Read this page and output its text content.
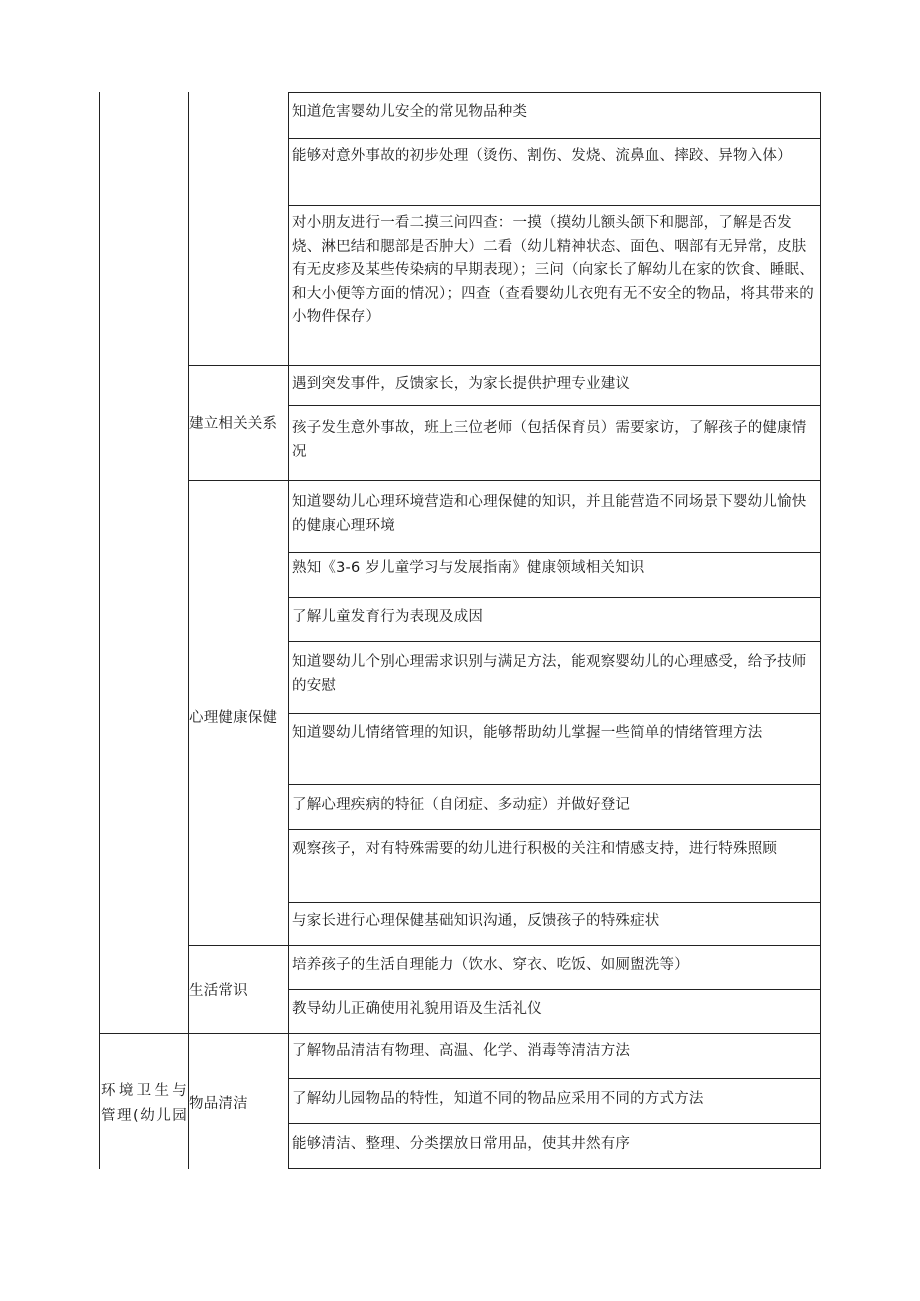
知道危害婴幼儿安全的常见物品种类
能够对意外事故的初步处理（烫伤、割伤、发烧、流鼻血、摔跤、异物入体）
对小朋友进行一看二摸三问四查：一摸（摸幼儿额头颌下和腮部，了解是否发烧、淋巴结和腮部是否肿大）二看（幼儿精神状态、面色、咽部有无异常，皮肤有无皮疹及某些传染病的早期表现）；三问（向家长了解幼儿在家的饮食、睡眠、和大小便等方面的情况）；四查（查看婴幼儿衣兜有无不安全的物品，将其带来的小物件保存）
建立相关关系
遇到突发事件，反馈家长，为家长提供护理专业建议
孩子发生意外事故，班上三位老师（包括保育员）需要家访，了解孩子的健康情况
心理健康保健
知道婴幼儿心理环境营造和心理保健的知识，并且能营造不同场景下婴幼儿愉快的健康心理环境
熟知《3-6 岁儿童学习与发展指南》健康领域相关知识
了解儿童发育行为表现及成因
知道婴幼儿个别心理需求识别与满足方法，能观察婴幼儿的心理感受，给予技师的安慰
知道婴幼儿情绪管理的知识，能够帮助幼儿掌握一些简单的情绪管理方法
了解心理疾病的特征（自闭症、多动症）并做好登记
观察孩子，对有特殊需要的幼儿进行积极的关注和情感支持，进行特殊照顾
与家长进行心理保健基础知识沟通，反馈孩子的特殊症状
生活常识
培养孩子的生活自理能力（饮水、穿衣、吃饭、如厕盥洗等）
教导幼儿正确使用礼貌用语及生活礼仪
环境卫生与
管理(幼儿园
物品清洁
了解物品清洁有物理、高温、化学、消毒等清洁方法
了解幼儿园物品的特性，知道不同的物品应采用不同的方式方法
能够清洁、整理、分类摆放日常用品，使其井然有序
